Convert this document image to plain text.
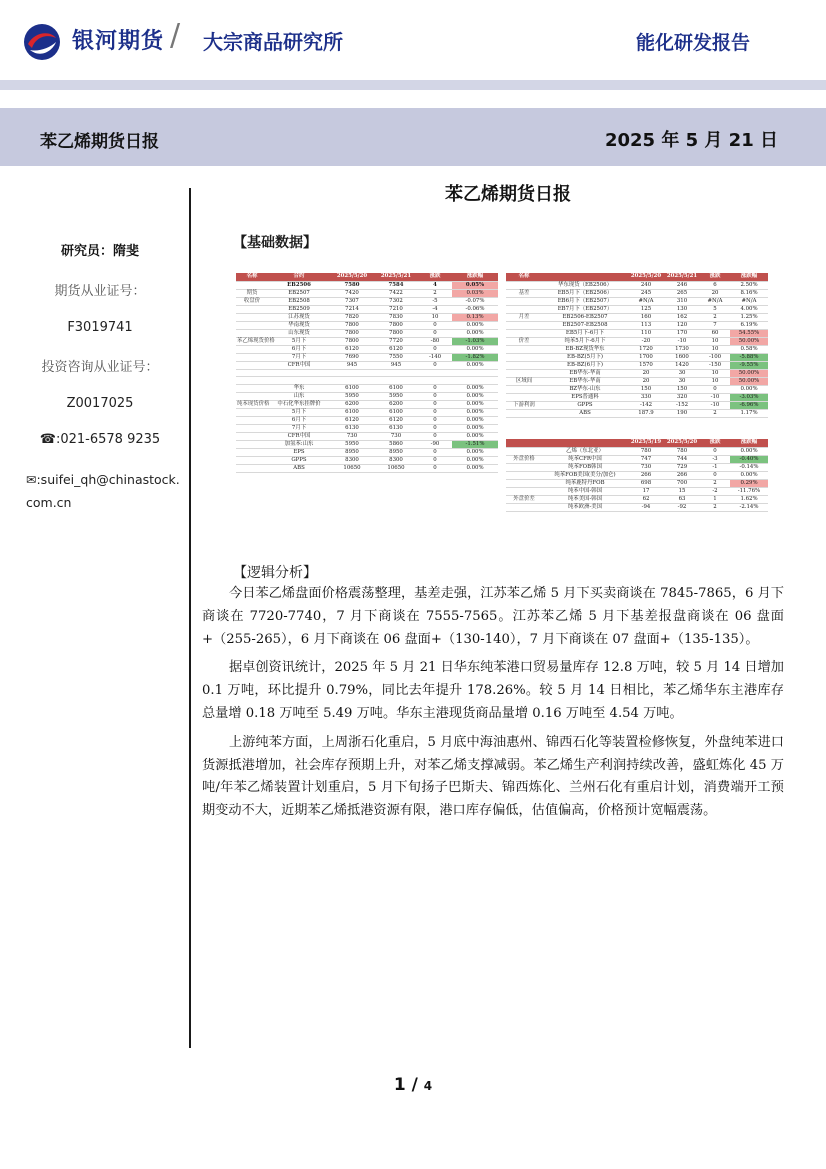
银河期货 / 大宗商品研究所	能化研发报告
苯乙烯期货日报	2025 年 5 月 21 日
研究员：隋斐
期货从业证号：
F3019741
投资咨询从业证号：
Z0017025
☎:021-6578 9235
✉:suifei_qh@chinastock.com.cn
苯乙烯期货日报
【基础数据】
名称	合约	2025/5/20	2025/5/21	涨跌	涨跌幅
	EB2506	7580	7584	4	0.05%
期货	EB2507	7420	7422	2	0.03%
收盘价	EB2508	7307	7302	-5	-0.07%
	EB2509	7214	7210	-4	-0.06%
	江苏现货	7820	7830	10	0.13%
	华南现货	7800	7800	0	0.00%
	山东现货	7800	7800	0	0.00%
苯乙烯现货价格	5月下	7800	7720	-80	-1.03%
	6月下	6120	6120	0	0.00%
	7月下	7690	7550	-140	-1.82%
	CFR中国	945	945	0	0.00%

	华东	6100	6100	0	0.00%
	山东	5950	5950	0	0.00%
纯苯现货价格	中石化华东挂牌价	6200	6200	0	0.00%
	5月下	6100	6100	0	0.00%
	6月下	6120	6120	0	0.00%
	7月下	6130	6130	0	0.00%
	CFR中国	730	730	0	0.00%
	加氢苯:山东	5950	5860	-90	-1.51%
	EPS	8950	8950	0	0.00%
	GPPS	8300	8300	0	0.00%
	ABS	10650	10650	0	0.00%
名称		2025/5/20	2025/5/21	涨跌	涨跌幅
	华东现货（EB2506）	240	246	6	2.50%
基差	EB5月下（EB2506）	245	265	20	8.16%
	EB6月下（EB2507）	#N/A	310	#N/A	#N/A
	EB7月下（EB2507）	125	130	5	4.00%
月差	EB2506-EB2507	160	162	2	1.25%
	EB2507-EB2508	113	120	7	6.19%
	EB5月下-6月下	110	170	60	54.55%
价差	纯苯5月下-6月下	-20	-10	10	50.00%
	EB-BZ现货华东	1720	1730	10	0.58%
	EB-BZ(5月下)	1700	1600	-100	-5.88%
	EB-BZ(6月下)	1570	1420	-150	-9.55%
	EB华东-华南	20	30	10	50.00%
区域间	EB华东-华南	20	30	10	50.00%
	BZ华东-山东	150	150	0	0.00%
	EPS普通料	330	320	-10	-3.03%
下游利润	GPPS	-142	-152	-10	-6.96%
	ABS	187.9	190	2	1.17%
		2025/5/19	2025/5/20	涨跌	涨跌幅
	乙烯（东北亚）	780	780	0	0.00%
外盘价格	纯苯CFR中国	747	744	-3	-0.40%
	纯苯FOB韩国	730	729	-1	-0.14%
	纯苯FOB美国(美分/加仑)	266	266	0	0.00%
	纯苯鹿特丹FOB	698	700	2	0.29%
	纯苯中国-韩国	17	15	-2	-11.76%
外盘价差	纯苯美国-韩国	62	63	1	1.62%
	纯苯欧洲-美国	-94	-92	2	-2.14%
【逻辑分析】

今日苯乙烯盘面价格震荡整理，基差走强，江苏苯乙烯 5 月下买卖商谈在 7845-7865，6 月下商谈在 7720-7740，7 月下商谈在 7555-7565。江苏苯乙烯 5 月下基差报盘商谈在 06 盘面+（255-265），6 月下商谈在 06 盘面+（130-140），7 月下商谈在 07 盘面+（135-135）。

据卓创资讯统计，2025 年 5 月 21 日华东纯苯港口贸易量库存 12.8 万吨，较 5 月 14 日增加 0.1 万吨，环比提升 0.79%，同比去年提升 178.26%。较 5 月 14 日相比，苯乙烯华东主港库存总量增 0.18 万吨至 5.49 万吨。华东主港现货商品量增 0.16 万吨至 4.54 万吨。

上游纯苯方面，上周浙石化重启，5 月底中海油惠州、锦西石化等装置检修恢复，外盘纯苯进口货源抵港增加，社会库存预期上升，对苯乙烯支撑减弱。苯乙烯生产利润持续改善，盛虹炼化 45 万吨/年苯乙烯装置计划重启，5 月下旬扬子巴斯夫、锦西炼化、兰州石化有重启计划，消费端开工预期变动不大，近期苯乙烯抵港资源有限，港口库存偏低，估值偏高，价格预计宽幅震荡。

1 / 4
